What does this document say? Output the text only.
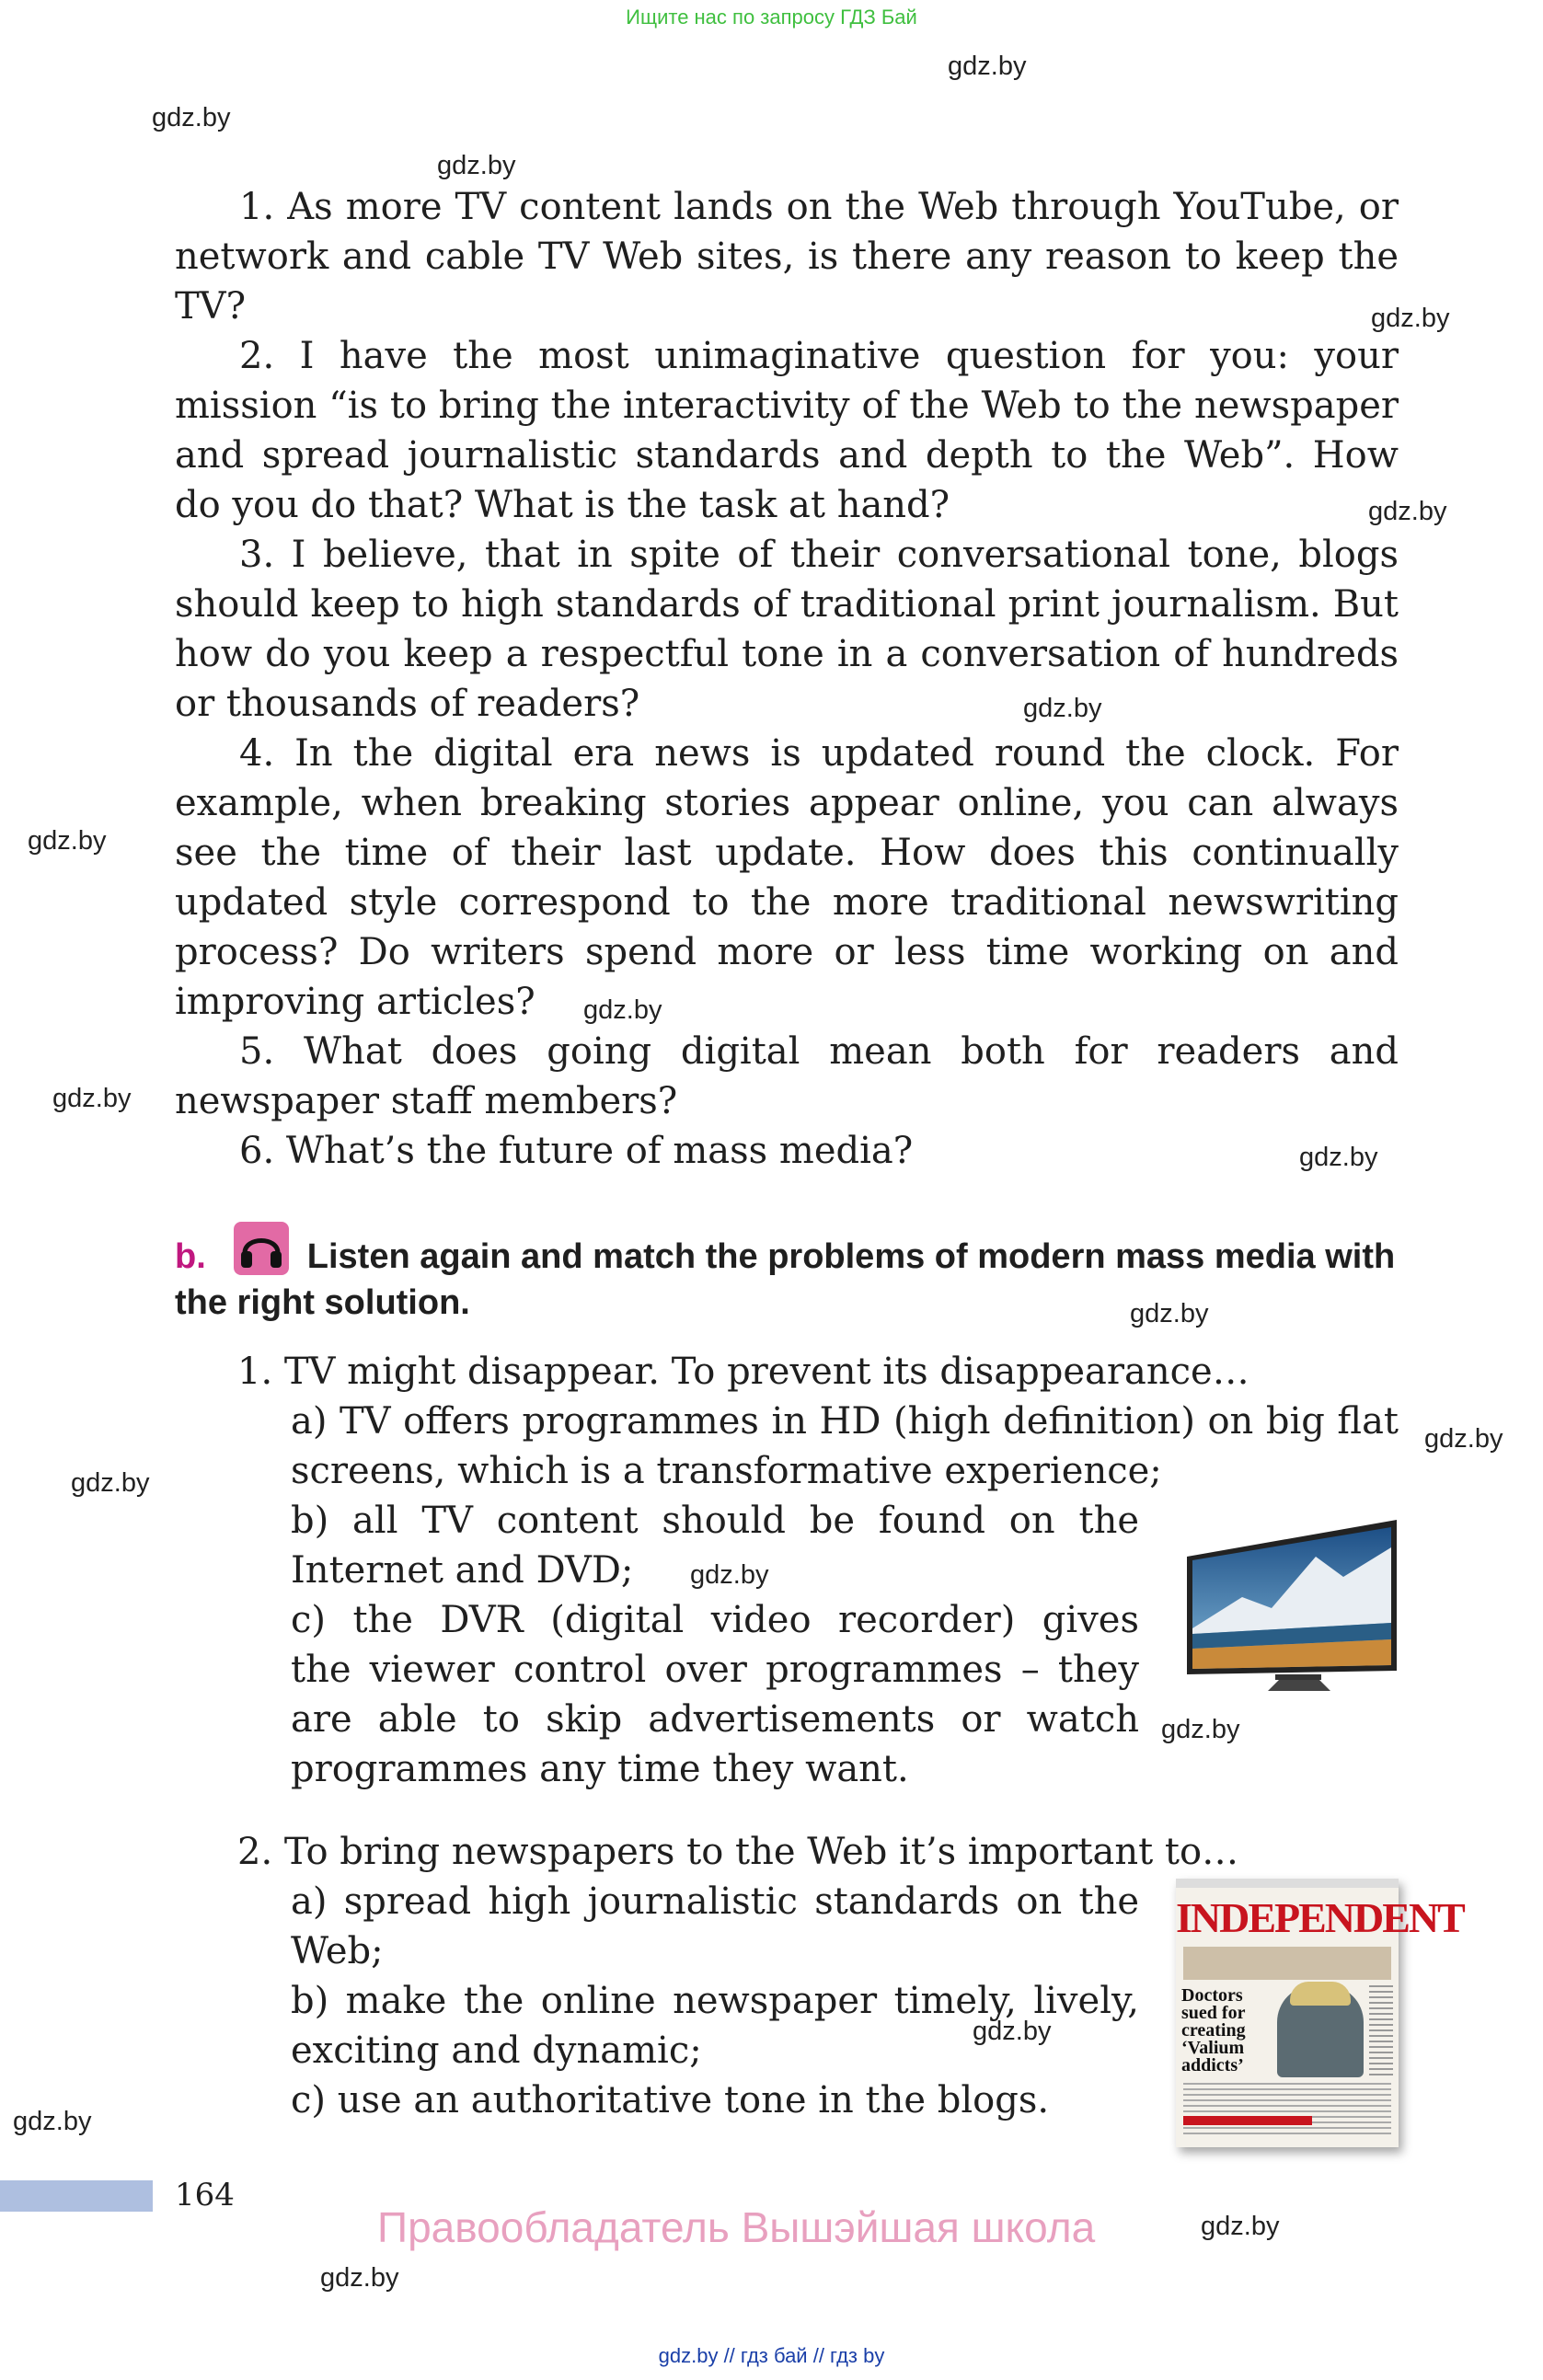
Ищите нас по запросу ГДЗ Бай
gdz.by
gdz.by
gdz.by
gdz.by
gdz.by
gdz.by
gdz.by
gdz.by
gdz.by
gdz.by
gdz.by
gdz.by
gdz.by
gdz.by
gdz.by
gdz.by
gdz.by
gdz.by
gdz.by

1. As more TV content lands on the Web through YouTube, or network and cable TV Web sites, is there any reason to keep the TV?

2. I have the most unimaginative question for you: your mission “is to bring the interactivity of the Web to the newspaper and spread journalistic standards and depth to the Web”. How do you do that? What is the task at hand?

3. I believe, that in spite of their conversational tone, blogs should keep to high standards of traditional print journalism. But how do you keep a respectful tone in a conversation of hundreds or thousands of readers?

4. In the digital era news is updated round the clock. For example, when breaking stories appear online, you can always see the time of their last update. How does this continually updated style correspond to the more traditional newswriting process? Do writers spend more or less time working on and improving articles?

5. What does going digital mean both for readers and newspaper staff members?

6. What’s the future of mass media?

b.	Listen again and match the problems of modern mass media with the right solution.

1. TV might disappear. To prevent its disappearance…

a) TV offers programmes in HD (high definition) on big flat screens, which is a transformative experience;

b) all TV content should be found on the

Internet and DVD;

c) the DVR (digital video recorder) gives

the viewer control over programmes – they

are able to skip advertisements or watch

programmes any time they want.

2. To bring newspapers to the Web it’s important to…

a) spread high journalistic standards on the

Web;

b) make the online newspaper timely, lively,

exciting and dynamic;

c) use an authoritative tone in the blogs.

INDEPENDENT
Doctors sued for creating ‘Valium addicts’
164
Правообладатель Вышэйшая школа
gdz.by // гдз бай // гдз by
